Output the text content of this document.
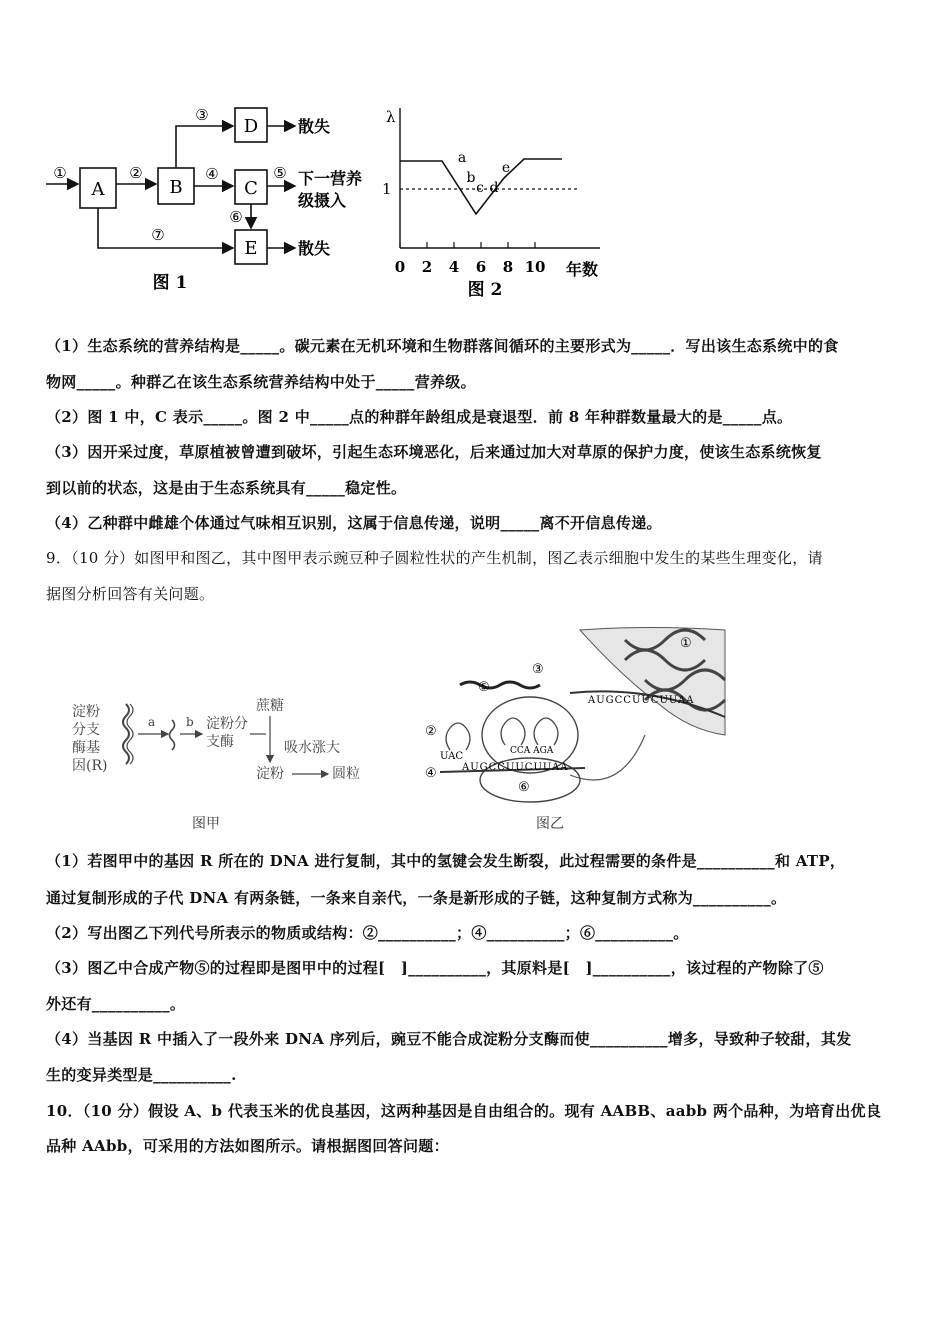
A	B
D
C
E
①	②
③
④	⑤
⑥
⑦
散失
下一营养
级摄入
散失
图 1
λ
1
0 2 4 6 8 10 年数
a
b
c d
e
图 2
（1）生态系统的营养结构是_____。碳元素在无机环境和生物群落间循环的主要形式为_____．写出该生态系统中的食
物网_____。种群乙在该生态系统营养结构中处于_____营养级。
（2）图 1 中，C 表示_____。图 2 中_____点的种群年龄组成是衰退型．前 8 年种群数量最大的是_____点。
（3）因开采过度，草原植被曾遭到破坏，引起生态环境恶化，后来通过加大对草原的保护力度，使该生态系统恢复
到以前的状态，这是由于生态系统具有_____稳定性。
（4）乙种群中雌雄个体通过气味相互识别，这属于信息传递，说明_____离不开信息传递。
9．（10 分）如图甲和图乙，其中图甲表示豌豆种子圆粒性状的产生机制，图乙表示细胞中发生的某些生理变化，请
据图分析回答有关问题。
淀粉
分支
酶基
因(R)
a	b 淀粉分
支酶
蔗糖
吸水涨大
淀粉	圆粒
图甲
①
AUGCCUUCUUAA
AUGCCUUCUUAA
UAC	CCA AGA
②
③
④
⑤
⑥
图乙
（1）若图甲中的基因 R 所在的 DNA 进行复制，其中的氢键会发生断裂，此过程需要的条件是__________和 ATP，
通过复制形成的子代 DNA 有两条链，一条来自亲代，一条是新形成的子链，这种复制方式称为__________。
（2）写出图乙下列代号所表示的物质或结构：②__________；④__________；⑥__________。
（3）图乙中合成产物⑤的过程即是图甲中的过程[　]__________，其原料是[　]__________，该过程的产物除了⑤
外还有__________。
（4）当基因 R 中插入了一段外来 DNA 序列后，豌豆不能合成淀粉分支酶而使__________增多，导致种子较甜，其发
生的变异类型是__________.
10．（10 分）假设 A、b 代表玉米的优良基因，这两种基因是自由组合的。现有 AABB、aabb 两个品种，为培育出优良
品种 AAbb，可采用的方法如图所示。请根据图回答问题：
